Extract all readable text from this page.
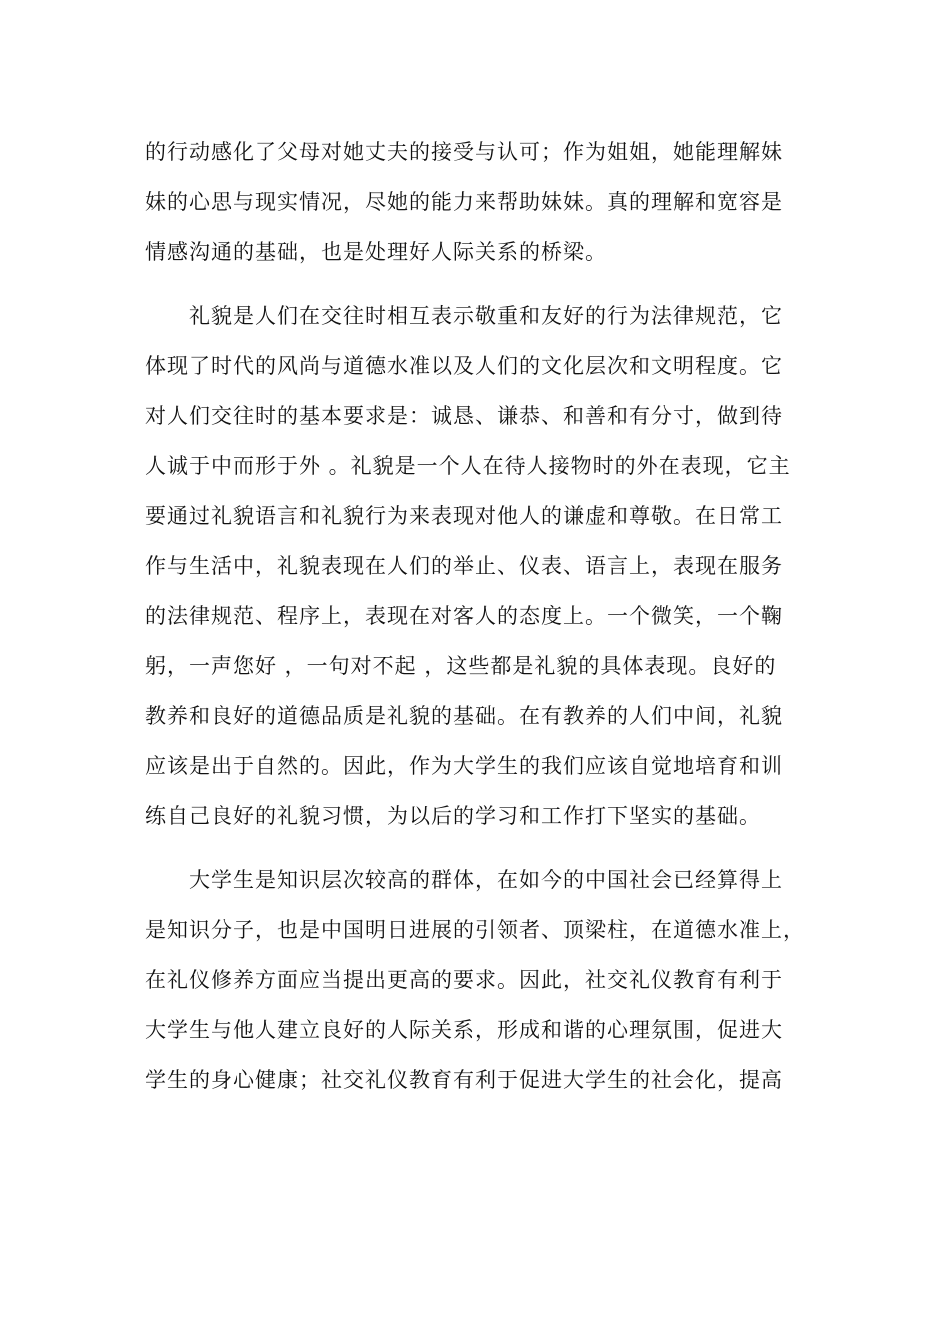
的行动感化了父母对她丈夫的接受与认可；作为姐姐，她能理解妹
妹的心思与现实情况，尽她的能力来帮助妹妹。真的理解和宽容是
情感沟通的基础，也是处理好人际关系的桥梁。
礼貌是人们在交往时相互表示敬重和友好的行为法律规范，它
体现了时代的风尚与道德水准以及人们的文化层次和文明程度。它
对人们交往时的基本要求是：诚恳、谦恭、和善和有分寸，做到待
人诚于中而形于外 。礼貌是一个人在待人接物时的外在表现，它主
要通过礼貌语言和礼貌行为来表现对他人的谦虚和尊敬。在日常工
作与生活中，礼貌表现在人们的举止、仪表、语言上，表现在服务
的法律规范、程序上，表现在对客人的态度上。一个微笑，一个鞠
躬，一声您好 ，一句对不起 ，这些都是礼貌的具体表现。良好的
教养和良好的道德品质是礼貌的基础。在有教养的人们中间，礼貌
应该是出于自然的。因此，作为大学生的我们应该自觉地培育和训
练自己良好的礼貌习惯，为以后的学习和工作打下坚实的基础。
大学生是知识层次较高的群体，在如今的中国社会已经算得上
是知识分子，也是中国明日进展的引领者、顶梁柱，在道德水准上，
在礼仪修养方面应当提出更高的要求。因此，社交礼仪教育有利于
大学生与他人建立良好的人际关系，形成和谐的心理氛围，促进大
学生的身心健康；社交礼仪教育有利于促进大学生的社会化，提高
